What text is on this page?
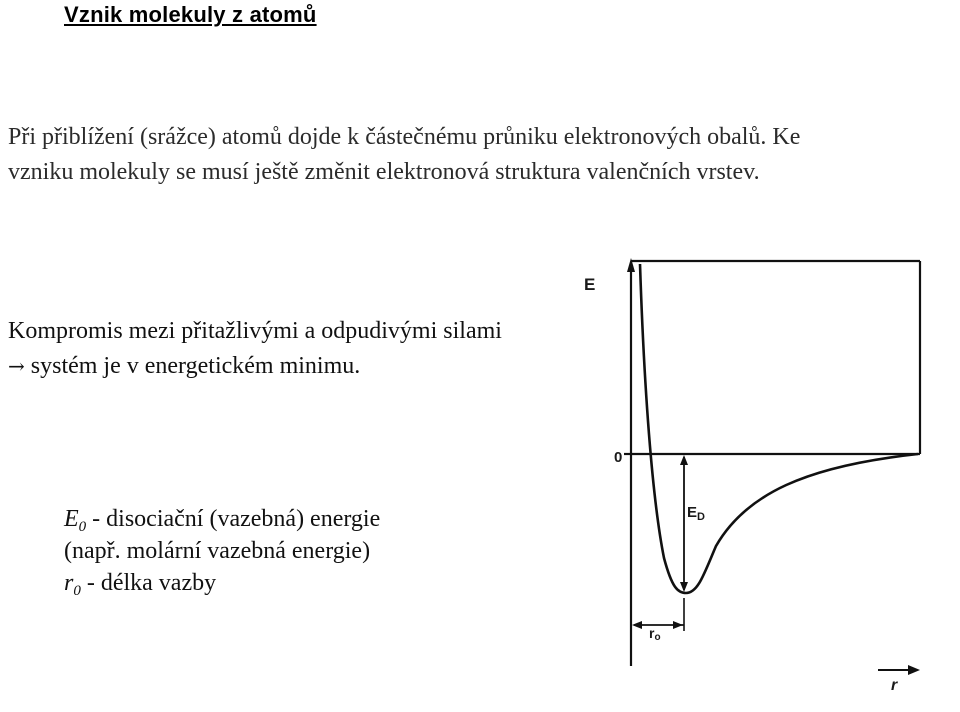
Vznik molekuly z atomů
Při přiblížení (srážce) atomů dojde k částečnému průniku elektronových obalů. Ke vzniku molekuly se musí ještě změnit elektronová struktura valenčních vrstev.
Kompromis mezi přitažlivými a odpudivými silami
→ systém je v energetickém minimu.
$E_0$ - disociační (vazebná) energie
(např. molární vazebná energie)
$r_0$ - délka vazby
E
0
$E_D$
ro
r
